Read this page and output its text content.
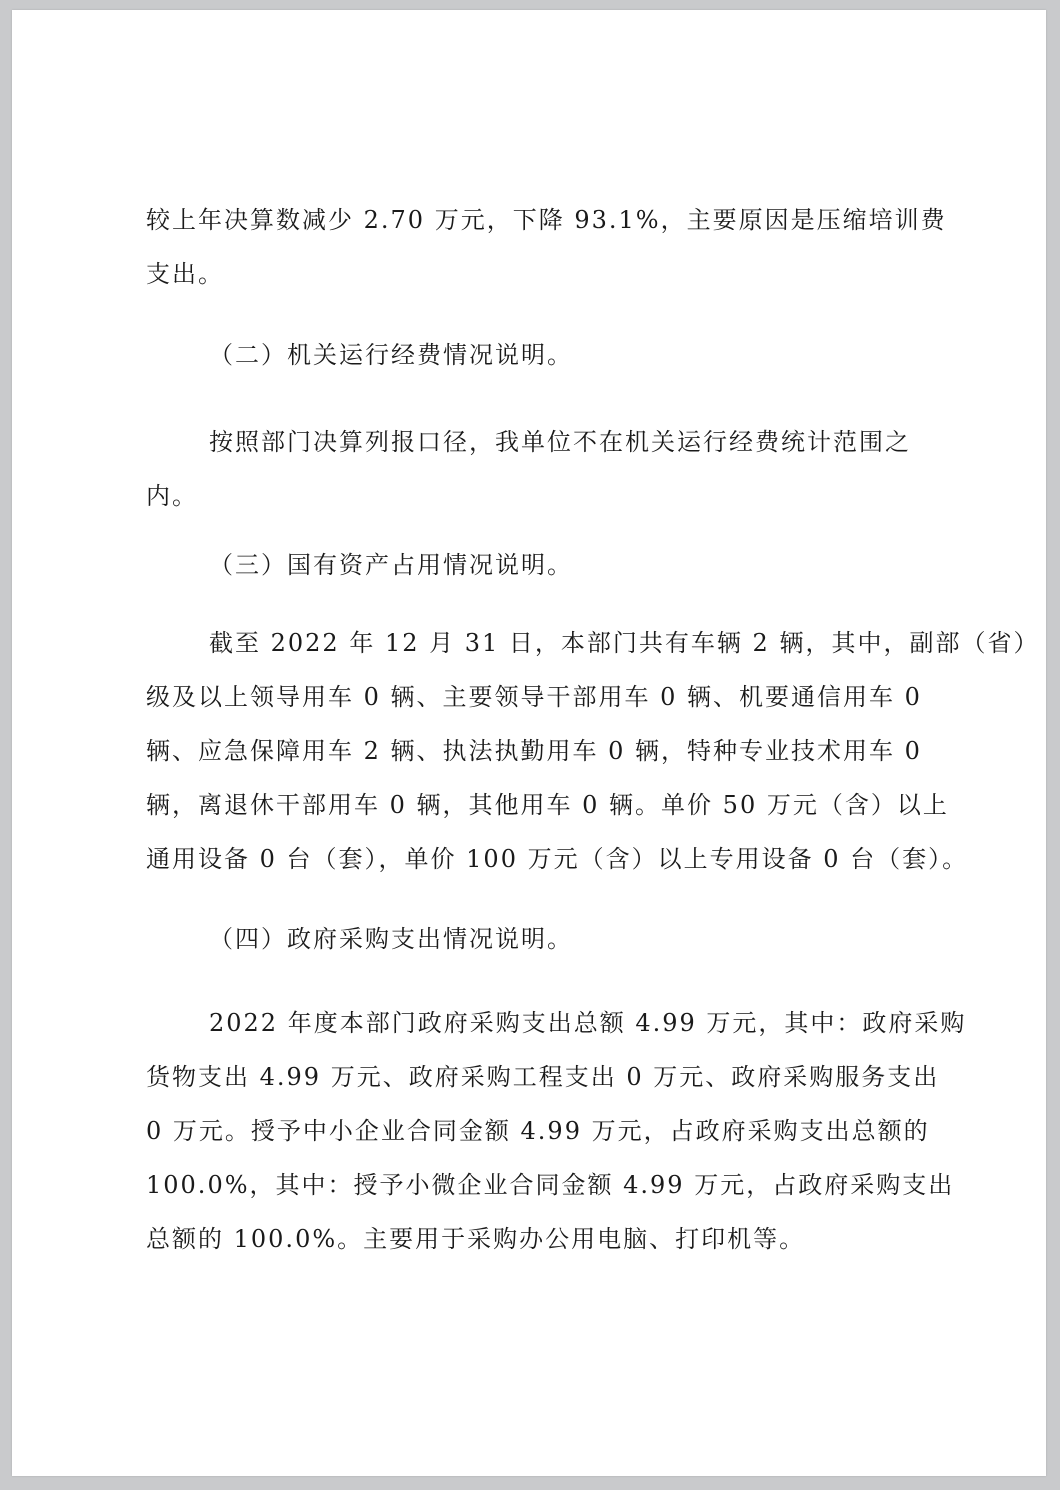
较上年决算数减少 2.70 万元，下降 93.1%，主要原因是压缩培训费
支出。
（二）机关运行经费情况说明。
按照部门决算列报口径，我单位不在机关运行经费统计范围之
内。
（三）国有资产占用情况说明。
截至 2022 年 12 月 31 日，本部门共有车辆 2 辆，其中，副部（省）
级及以上领导用车 0 辆、主要领导干部用车 0 辆、机要通信用车 0
辆、应急保障用车 2 辆、执法执勤用车 0 辆，特种专业技术用车 0
辆，离退休干部用车 0 辆，其他用车 0 辆。单价 50 万元（含）以上
通用设备 0 台（套），单价 100 万元（含）以上专用设备 0 台（套）。
（四）政府采购支出情况说明。
2022 年度本部门政府采购支出总额 4.99 万元，其中：政府采购
货物支出 4.99 万元、政府采购工程支出 0 万元、政府采购服务支出
0 万元。授予中小企业合同金额 4.99 万元，占政府采购支出总额的
100.0%，其中：授予小微企业合同金额 4.99 万元，占政府采购支出
总额的 100.0%。主要用于采购办公用电脑、打印机等。
